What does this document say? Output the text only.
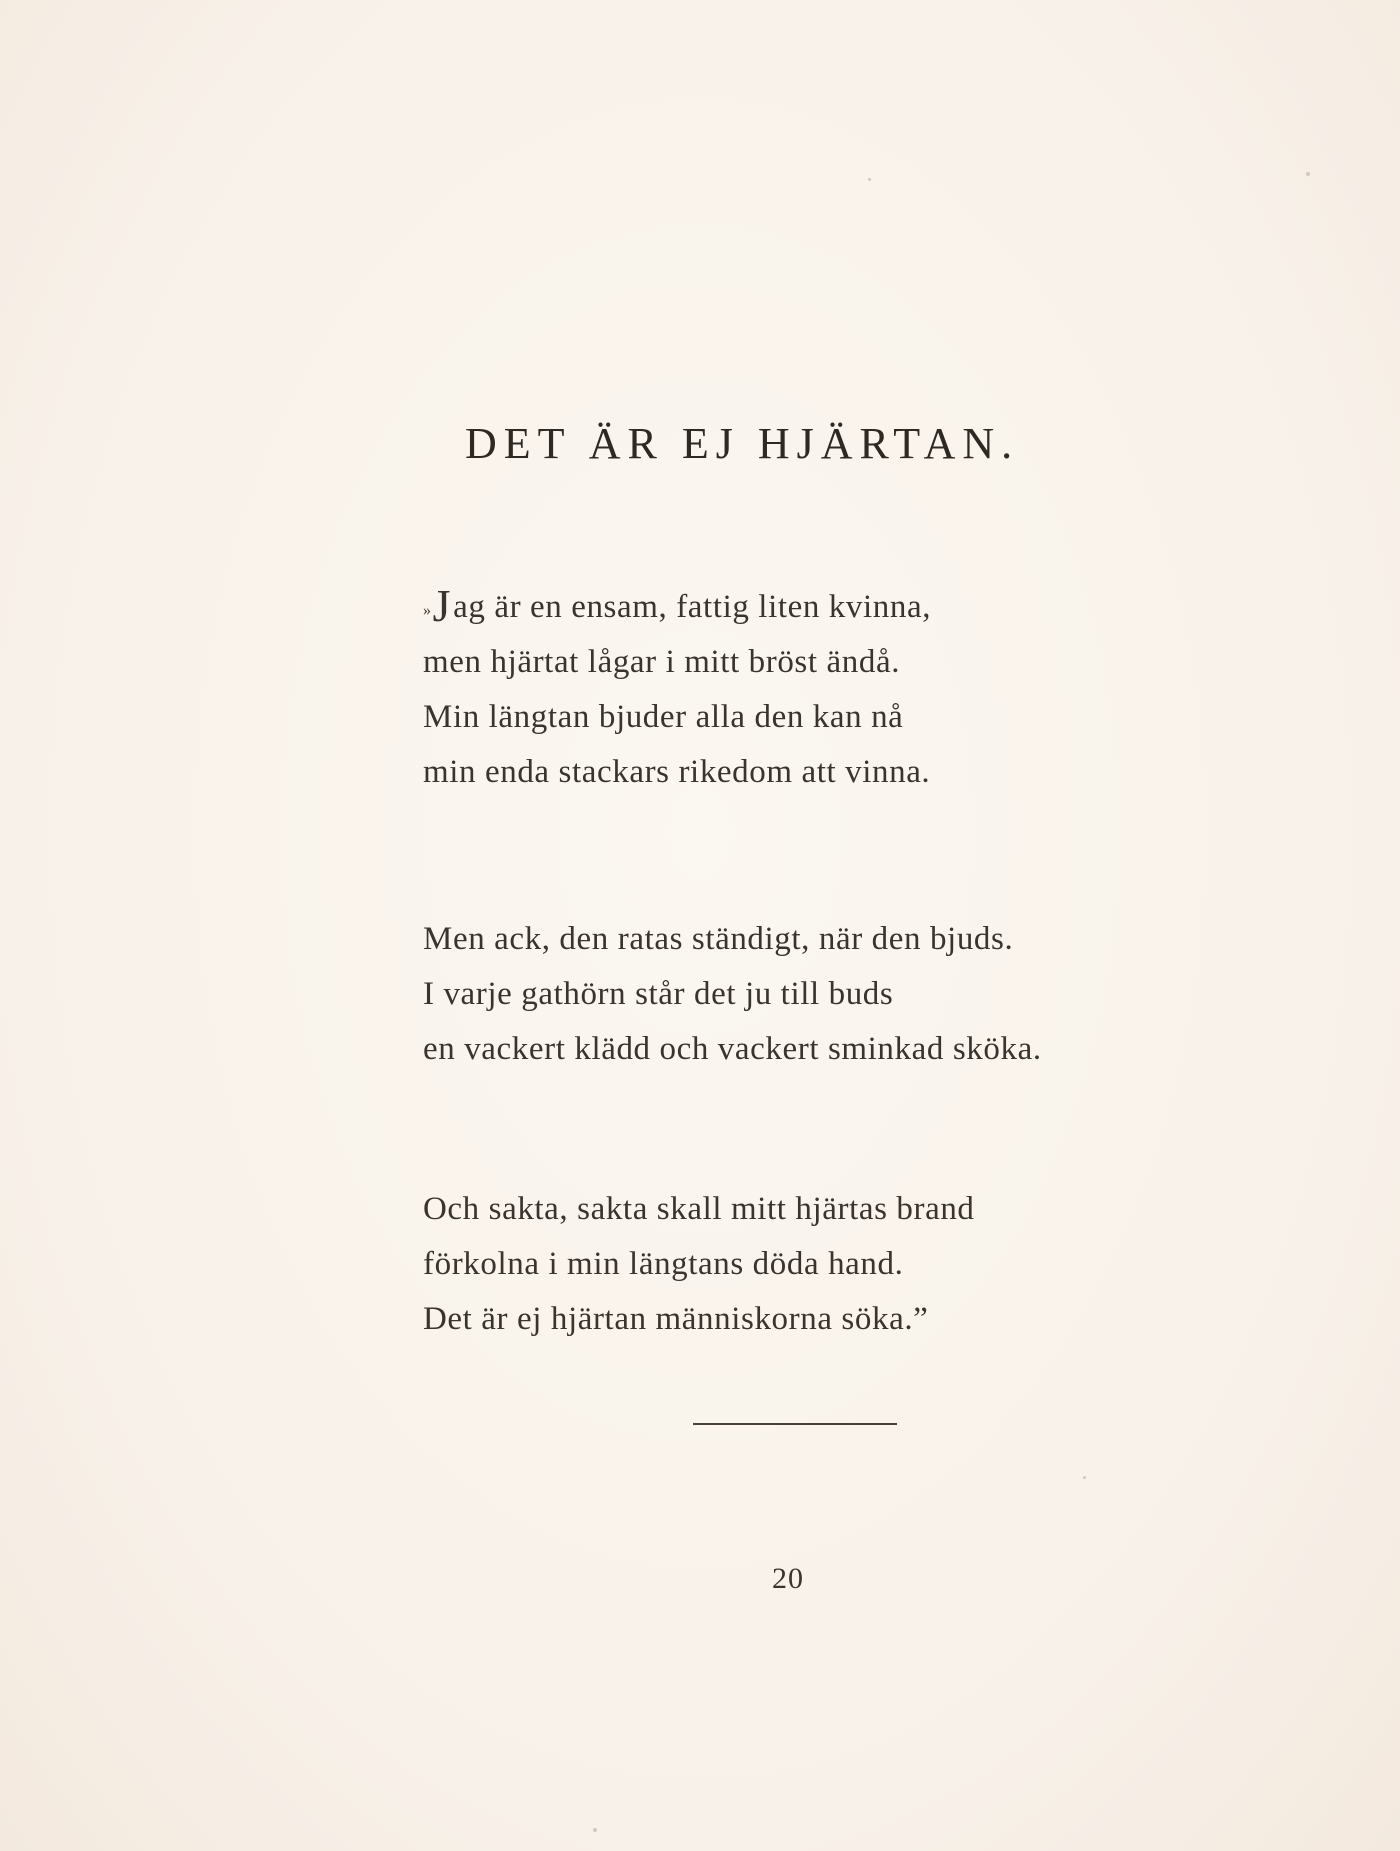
DET ÄR EJ HJÄRTAN.
»Jag är en ensam, fattig liten kvinna,
men hjärtat lågar i mitt bröst ändå.
Min längtan bjuder alla den kan nå
min enda stackars rikedom att vinna.
Men ack, den ratas ständigt, när den bjuds.
I varje gathörn står det ju till buds
en vackert klädd och vackert sminkad sköka.
Och sakta, sakta skall mitt hjärtas brand
förkolna i min längtans döda hand.
Det är ej hjärtan människorna söka.”
20
